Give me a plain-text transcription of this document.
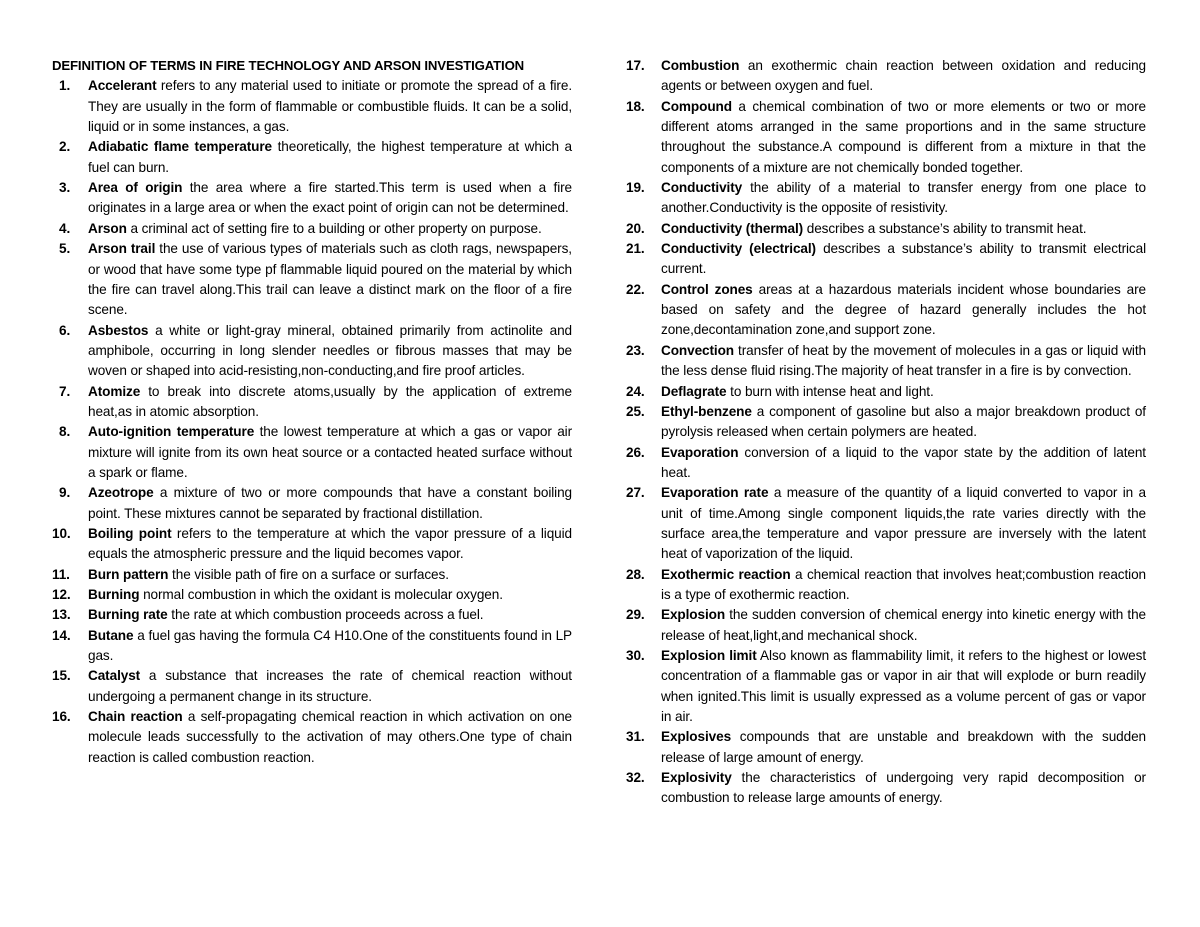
DEFINITION OF TERMS IN FIRE TECHNOLOGY AND ARSON INVESTIGATION

1.	Accelerant refers to any material used to initiate or promote the spread of a fire. They are usually in the form of flammable or combustible fluids. It can be a solid, liquid or in some instances, a gas.
2.	Adiabatic flame temperature theoretically, the highest temperature at which a fuel can burn.
3.	Area of origin the area where a fire started.This term is used when a fire originates in a large area or when the exact point of origin can not be determined.
4.	Arson a criminal act of setting fire to a building or other property on purpose.
5.	Arson trail the use of various types of materials such as cloth rags, newspapers, or wood that have some type pf flammable liquid poured on the material by which the fire can travel along.This trail can leave a distinct mark on the floor of a fire scene.
6.	Asbestos a white or light-gray mineral, obtained primarily from actinolite and amphibole, occurring in long slender needles or fibrous masses that may be woven or shaped into acid-resisting,non-conducting,and fire proof articles.
7.	Atomize to break into discrete atoms,usually by the application of extreme heat,as in atomic absorption.
8.	Auto-ignition temperature the lowest temperature at which a gas or vapor air mixture will ignite from its own heat source or a contacted heated surface without a spark or flame.
9.	Azeotrope a mixture of two or more compounds that have a constant boiling point. These mixtures cannot be separated by fractional distillation.
10.	Boiling point refers to the temperature at which the vapor pressure of a liquid equals the atmospheric pressure and the liquid becomes vapor.
11.	Burn pattern the visible path of fire on a surface or surfaces.
12.	Burning normal combustion in which the oxidant is molecular oxygen.
13.	Burning rate the rate at which combustion proceeds across a fuel.
14.	Butane a fuel gas having the formula C4 H10.One of the constituents found in LP gas.
15.	Catalyst a substance that increases the rate of chemical reaction without undergoing a permanent change in its structure.
16.	Chain reaction a self-propagating chemical reaction in which activation on one molecule leads successfully to the activation of may others.One type of chain reaction is called combustion reaction.
17.	Combustion an exothermic chain reaction between oxidation and reducing agents or between oxygen and fuel.
18.	Compound a chemical combination of two or more elements or two or more different atoms arranged in the same proportions and in the same structure throughout the substance.A compound is different from a mixture in that the components of a mixture are not chemically bonded together.
19.	Conductivity the ability of a material to transfer energy from one place to another.Conductivity is the opposite of resistivity.
20.	Conductivity (thermal) describes a substance’s ability to transmit heat.
21.	Conductivity (electrical) describes a substance’s ability to transmit electrical current.
22.	Control zones areas at a hazardous materials incident whose boundaries are based on safety and the degree of hazard generally includes the hot zone,decontamination zone,and support zone.
23.	Convection transfer of heat by the movement of molecules in a gas or liquid with the less dense fluid rising.The majority of heat transfer in a fire is by convection.
24.	Deflagrate to burn with intense heat and light.
25.	Ethyl-benzene a component of gasoline but also a major breakdown product of pyrolysis released when certain polymers are heated.
26.	Evaporation conversion of a liquid to the vapor state by the addition of latent heat.
27.	Evaporation rate a measure of the quantity of a liquid converted to vapor in a unit of time.Among single component liquids,the rate varies directly with the surface area,the temperature and vapor pressure are inversely with the latent heat of vaporization of the liquid.
28.	Exothermic reaction a chemical reaction that involves heat;combustion reaction is a type of exothermic reaction.
29.	Explosion the sudden conversion of chemical energy into kinetic energy with the release of heat,light,and mechanical shock.
30.	Explosion limit Also known as flammability limit, it refers to the highest or lowest concentration of a flammable gas or vapor in air that will explode or burn readily when ignited.This limit is usually expressed as a volume percent of gas or vapor in air.
31.	Explosives compounds that are unstable and breakdown with the sudden release of large amount of energy.
32.	Explosivity the characteristics of undergoing very rapid decomposition or combustion to release large amounts of energy.
